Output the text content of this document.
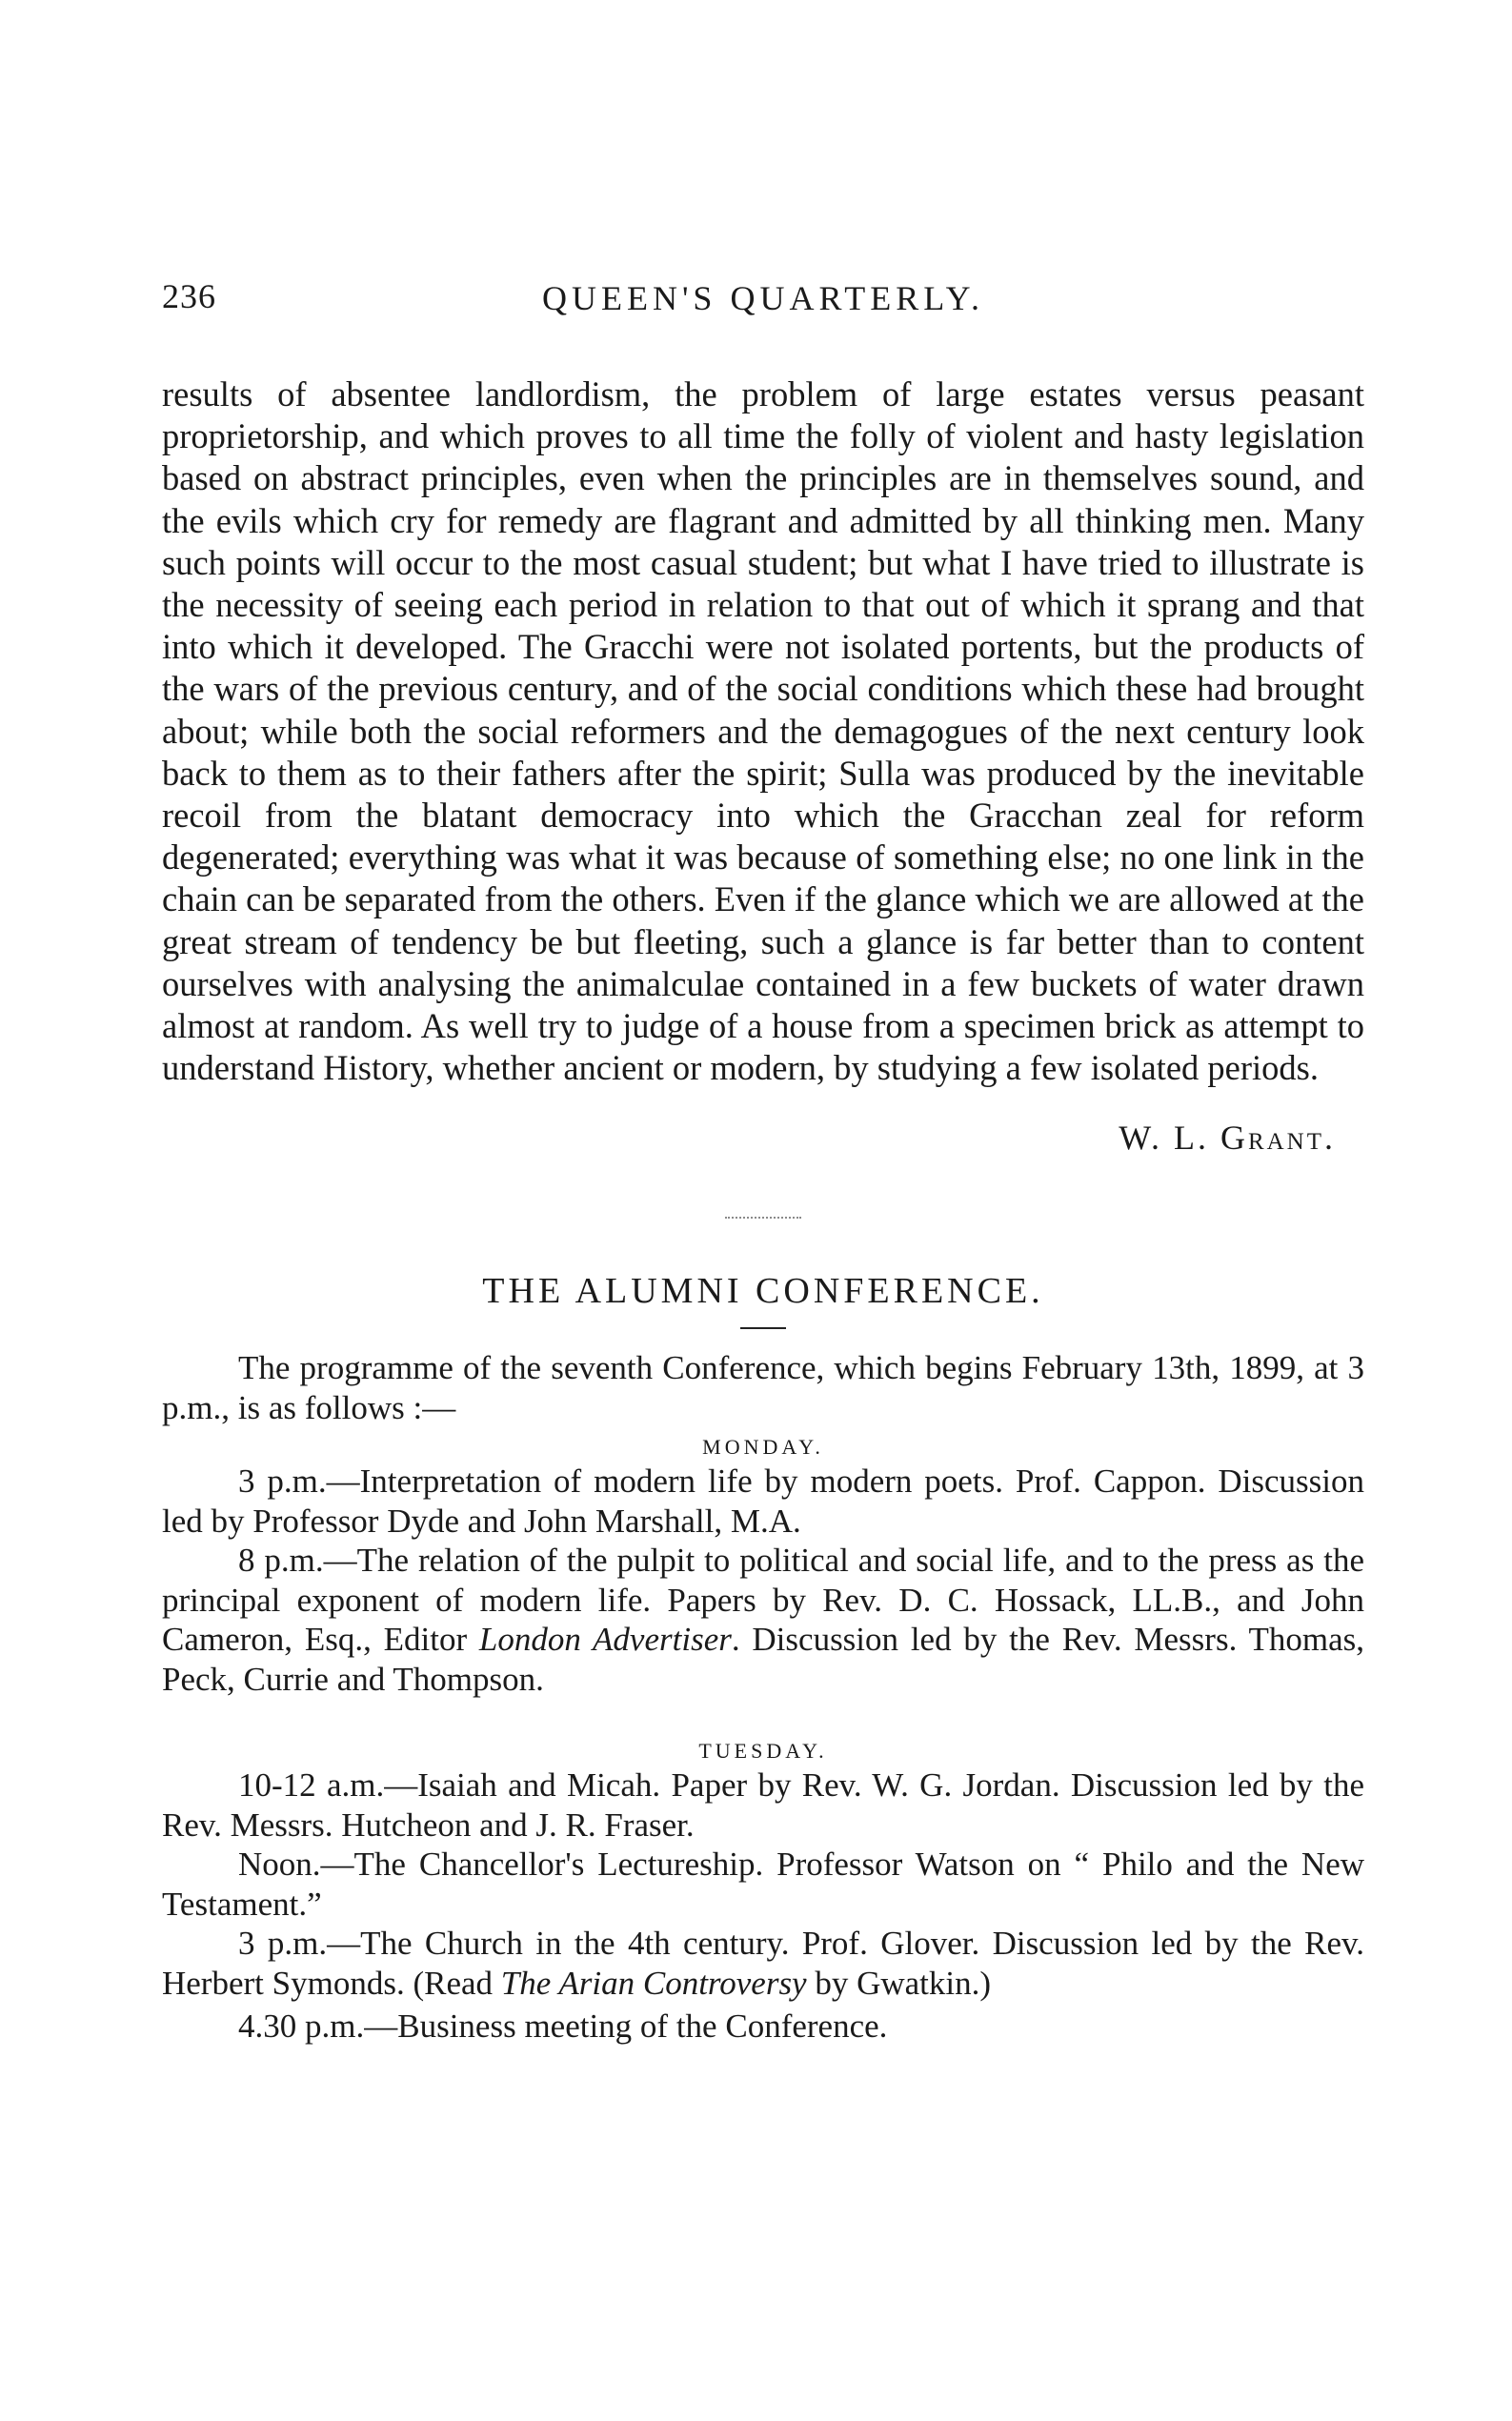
236	QUEEN'S QUARTERLY.

results of absentee landlordism, the problem of large estates versus peasant proprietorship, and which proves to all time the folly of violent and hasty legislation based on abstract principles, even when the principles are in themselves sound, and the evils which cry for remedy are flagrant and admitted by all thinking men. Many such points will occur to the most casual student; but what I have tried to illustrate is the necessity of seeing each period in relation to that out of which it sprang and that into which it developed. The Gracchi were not isolated portents, but the products of the wars of the previous century, and of the social conditions which these had brought about; while both the social reformers and the demagogues of the next century look back to them as to their fathers after the spirit; Sulla was produced by the inevitable recoil from the blatant democracy into which the Gracchan zeal for reform degenerated; everything was what it was because of something else; no one link in the chain can be separated from the others. Even if the glance which we are allowed at the great stream of tendency be but fleeting, such a glance is far better than to content ourselves with analysing the animalculae contained in a few buckets of water drawn almost at random. As well try to judge of a house from a specimen brick as attempt to understand History, whether ancient or modern, by studying a few isolated periods.

W. L. Grant.
THE ALUMNI CONFERENCE.

The programme of the seventh Conference, which begins February 13th, 1899, at 3 p.m., is as follows :—

MONDAY.

3 p.m.—Interpretation of modern life by modern poets. Prof. Cappon. Discussion led by Professor Dyde and John Marshall, M.A.

8 p.m.—The relation of the pulpit to political and social life, and to the press as the principal exponent of modern life. Papers by Rev. D. C. Hossack, LL.B., and John Cameron, Esq., Editor London Advertiser. Discussion led by the Rev. Messrs. Thomas, Peck, Currie and Thompson.

TUESDAY.

10-12 a.m.—Isaiah and Micah. Paper by Rev. W. G. Jordan. Discussion led by the Rev. Messrs. Hutcheon and J. R. Fraser.

Noon.—The Chancellor's Lectureship. Professor Watson on “ Philo and the New Testament.”

3 p.m.—The Church in the 4th century. Prof. Glover. Discussion led by the Rev. Herbert Symonds. (Read The Arian Controversy by Gwatkin.)

4.30 p.m.—Business meeting of the Conference.
